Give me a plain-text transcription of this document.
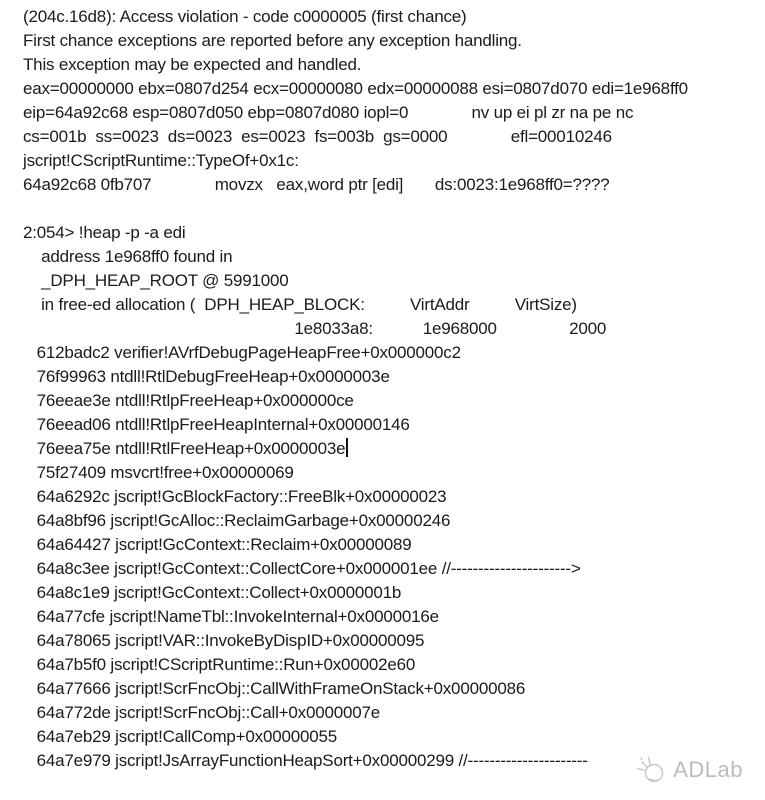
(204c.16d8): Access violation - code c0000005 (first chance)
First chance exceptions are reported before any exception handling.
This exception may be expected and handled.
eax=00000000 ebx=0807d254 ecx=00000080 edx=00000088 esi=0807d070 edi=1e968ff0
eip=64a92c68 esp=0807d050 ebp=0807d080 iopl=0              nv up ei pl zr na pe nc
cs=001b  ss=0023  ds=0023  es=0023  fs=003b  gs=0000              efl=00010246
jscript!CScriptRuntime::TypeOf+0x1c:
64a92c68 0fb707              movzx   eax,word ptr [edi]       ds:0023:1e968ff0=????
2:054> !heap -p -a edi
address 1e968ff0 found in
_DPH_HEAP_ROOT @ 5991000
in free-ed allocation (  DPH_HEAP_BLOCK:          VirtAddr          VirtSize)
1e8033a8:           1e968000                2000
612badc2 verifier!AVrfDebugPageHeapFree+0x000000c2
76f99963 ntdll!RtlDebugFreeHeap+0x0000003e
76eeae3e ntdll!RtlpFreeHeap+0x000000ce
76eead06 ntdll!RtlpFreeHeapInternal+0x00000146
76eea75e ntdll!RtlFreeHeap+0x0000003e
75f27409 msvcrt!free+0x00000069
64a6292c jscript!GcBlockFactory::FreeBlk+0x00000023
64a8bf96 jscript!GcAlloc::ReclaimGarbage+0x00000246
64a64427 jscript!GcContext::Reclaim+0x00000089
64a8c3ee jscript!GcContext::CollectCore+0x000001ee //---------------------->
64a8c1e9 jscript!GcContext::Collect+0x0000001b
64a77cfe jscript!NameTbl::InvokeInternal+0x0000016e
64a78065 jscript!VAR::InvokeByDispID+0x00000095
64a7b5f0 jscript!CScriptRuntime::Run+0x00002e60
64a77666 jscript!ScrFncObj::CallWithFrameOnStack+0x00000086
64a772de jscript!ScrFncObj::Call+0x0000007e
64a7eb29 jscript!CallComp+0x00000055
64a7e979 jscript!JsArrayFunctionHeapSort+0x00000299 //----------------------	ADLab
